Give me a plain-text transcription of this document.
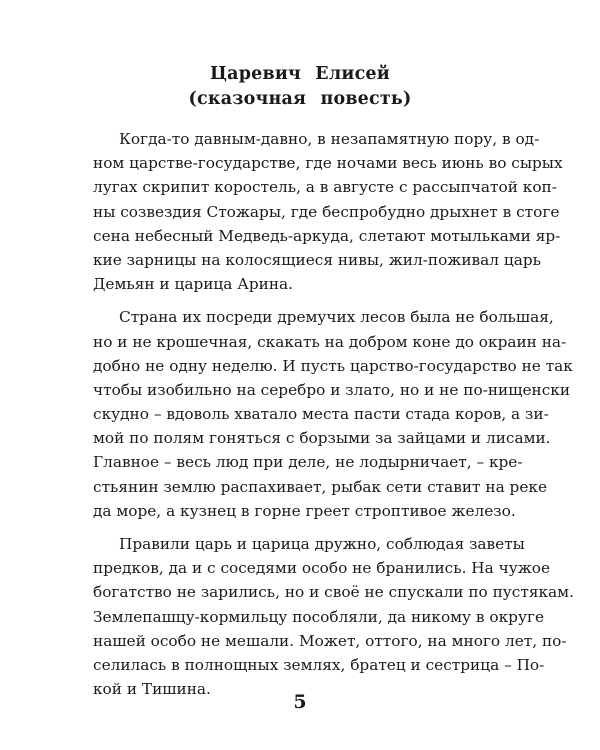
Царевич Елисей
(сказочная повесть)
Когда-то давным-давно, в незапамятную пору, в од-
ном царстве-государстве, где ночами весь июнь во сырых
лугах скрипит коростель, а в августе с рассыпчатой коп-
ны созвездия Стожары, где беспробудно дрыхнет в стоге
сена небесный Медведь-аркуда, слетают мотыльками яр-
кие зарницы на колосящиеся нивы, жил-поживал царь
Демьян и царица Арина.
Страна их посреди дремучих лесов была не большая,
но и не крошечная, скакать на добром коне до окраин на-
добно не одну неделю. И пусть царство-государство не так
чтобы изобильно на серебро и злато, но и не по-нищенски
скудно – вдоволь хватало места пасти стада коров, а зи-
мой по полям гоняться с борзыми за зайцами и лисами.
Главное – весь люд при деле, не лодырничает, – кре-
стьянин землю распахивает, рыбак сети ставит на реке
да море, а кузнец в горне греет строптивое железо.
Правили царь и царица дружно, соблюдая заветы
предков, да и с соседями особо не бранились. На чужое
богатство не зарились, но и своё не спускали по пустякам.
Землепашцу-кормильцу пособляли, да никому в округе
нашей особо не мешали. Может, оттого, на много лет, по-
селилась в полнощных землях, братец и сестрица – По-
кой и Тишина.
5
